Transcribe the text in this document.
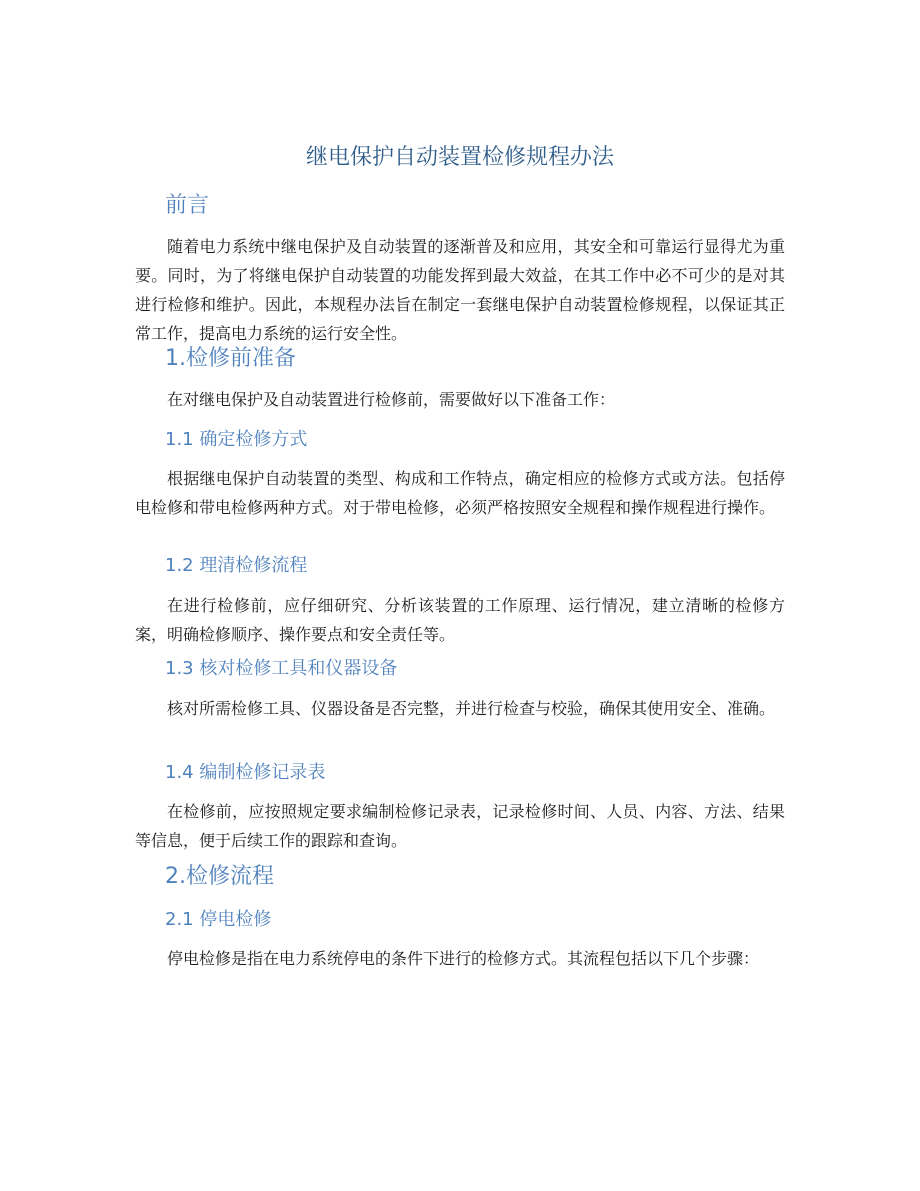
继电保护自动装置检修规程办法
前言
随着电力系统中继电保护及自动装置的逐渐普及和应用，其安全和可靠运行显得尤为重要。同时，为了将继电保护自动装置的功能发挥到最大效益，在其工作中必不可少的是对其进行检修和维护。因此，本规程办法旨在制定一套继电保护自动装置检修规程，以保证其正常工作，提高电力系统的运行安全性。
1.检修前准备
在对继电保护及自动装置进行检修前，需要做好以下准备工作：
1.1 确定检修方式
根据继电保护自动装置的类型、构成和工作特点，确定相应的检修方式或方法。包括停电检修和带电检修两种方式。对于带电检修，必须严格按照安全规程和操作规程进行操作。
1.2 理清检修流程
在进行检修前，应仔细研究、分析该装置的工作原理、运行情况，建立清晰的检修方案，明确检修顺序、操作要点和安全责任等。
1.3 核对检修工具和仪器设备
核对所需检修工具、仪器设备是否完整，并进行检查与校验，确保其使用安全、准确。
1.4 编制检修记录表
在检修前，应按照规定要求编制检修记录表，记录检修时间、人员、内容、方法、结果等信息，便于后续工作的跟踪和查询。
2.检修流程
2.1 停电检修
停电检修是指在电力系统停电的条件下进行的检修方式。其流程包括以下几个步骤：
